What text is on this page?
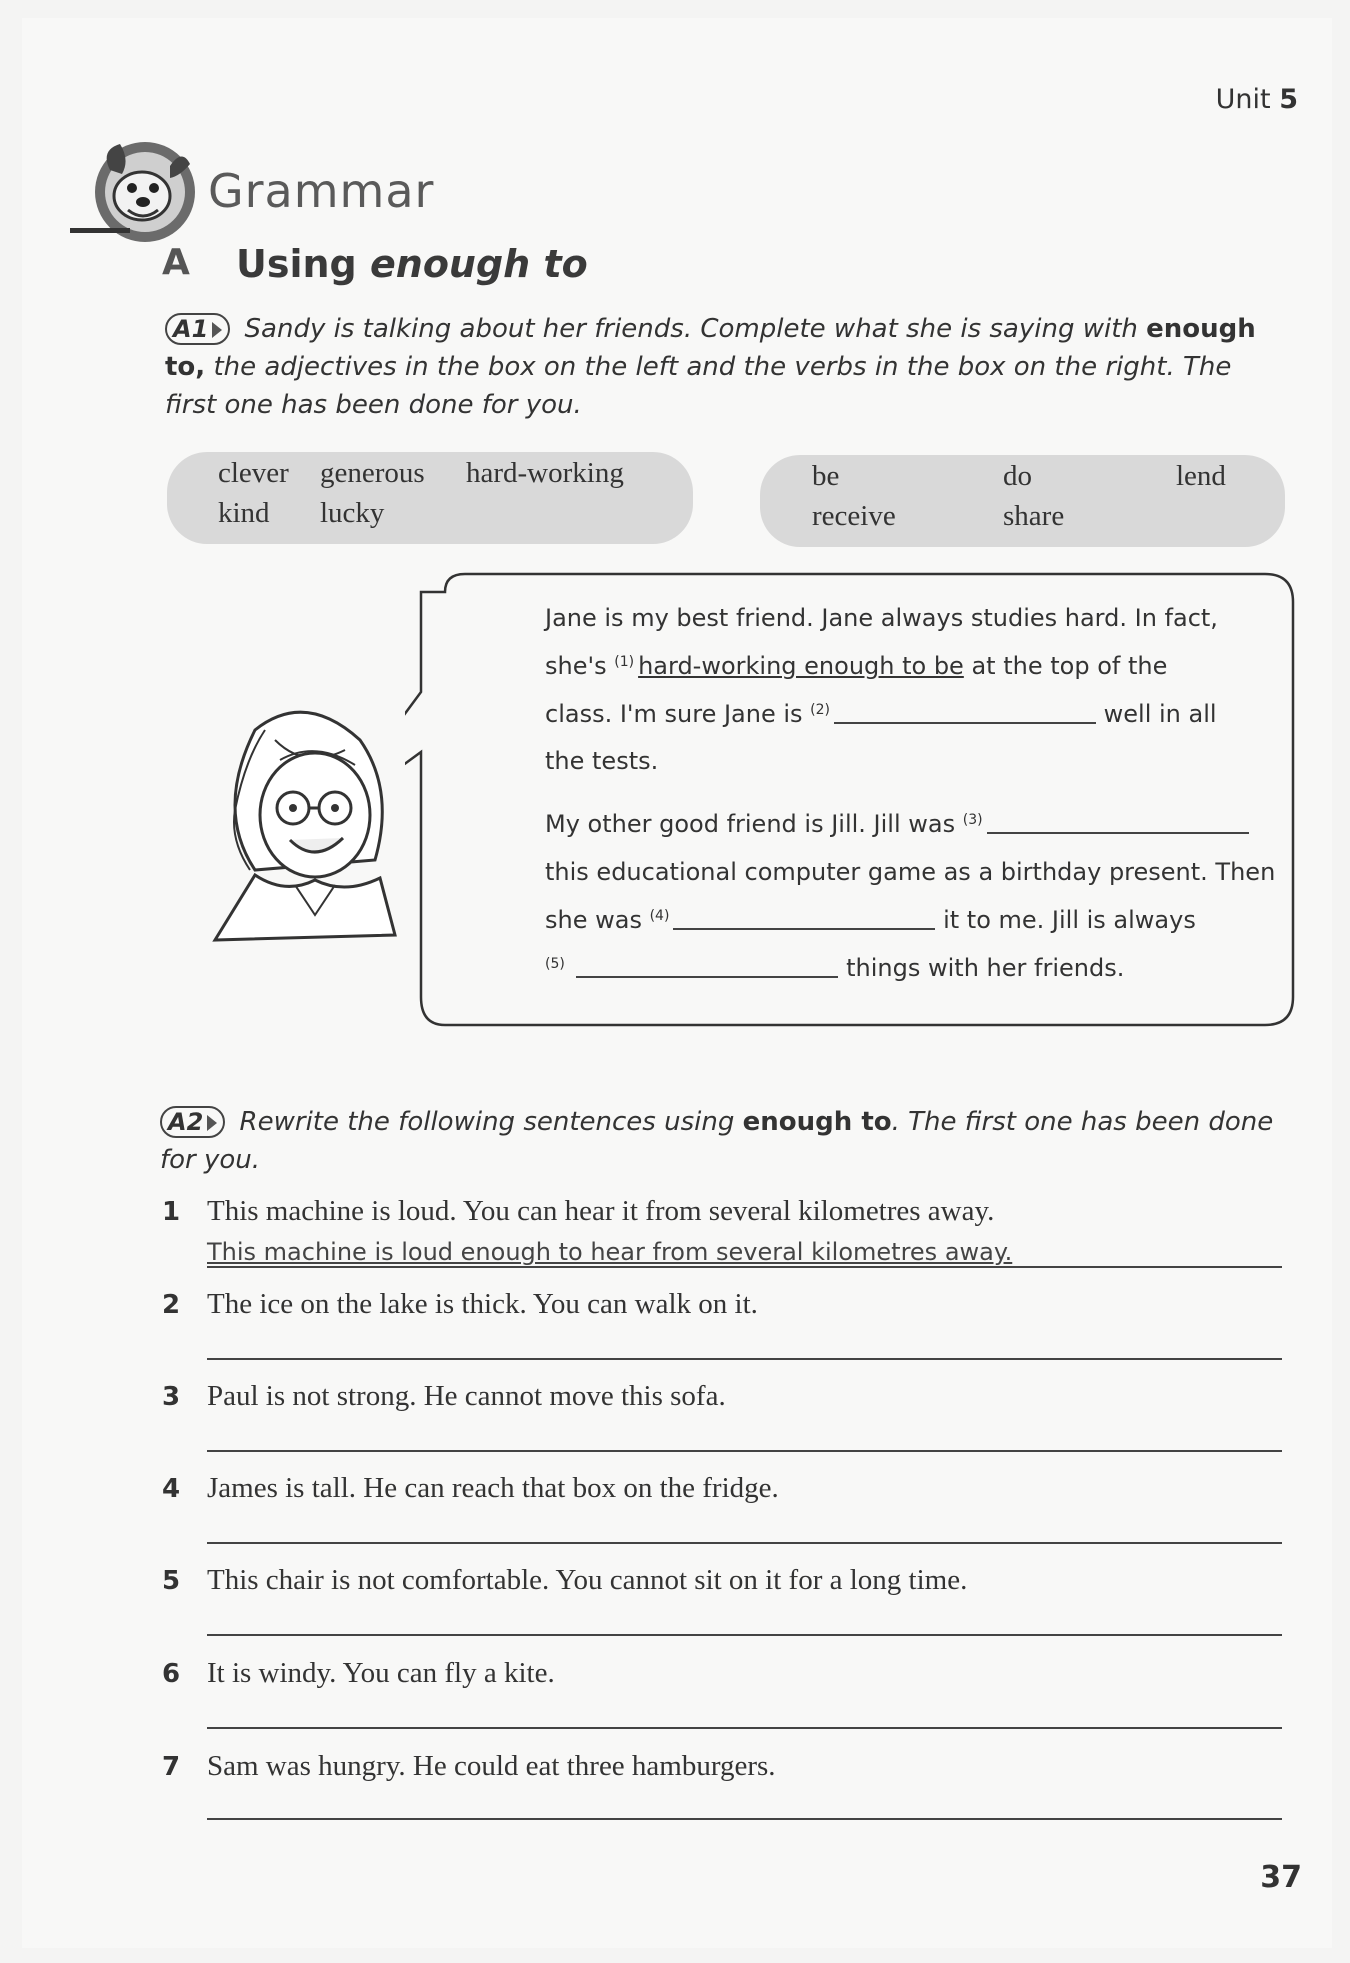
Unit 5
Grammar
A Using enough to
A1 Sandy is talking about her friends. Complete what she is saying with enough to, the adjectives in the box on the left and the verbs in the box on the right. The first one has been done for you.
clever generous hard-working
kind lucky
be	do	lend
receive	share
Jane is my best friend. Jane always studies hard. In fact,
she's $^{(1)}$ hard-working enough to be at the top of the
class. I'm sure Jane is $^{(2)}$	well in all
the tests.
My other good friend is Jill. Jill was $^{(3)}$
this educational computer game as a birthday present. Then
she was $^{(4)}$	it to me. Jill is always
$^{(5)}$	things with her friends.
A2 Rewrite the following sentences using enough to. The first one has been done for you.
1 This machine is loud. You can hear it from several kilometres away.
This machine is loud enough to hear from several kilometres away.
2 The ice on the lake is thick. You can walk on it.
3 Paul is not strong. He cannot move this sofa.
4 James is tall. He can reach that box on the fridge.
5 This chair is not comfortable. You cannot sit on it for a long time.
6 It is windy. You can fly a kite.
7 Sam was hungry. He could eat three hamburgers.
37
